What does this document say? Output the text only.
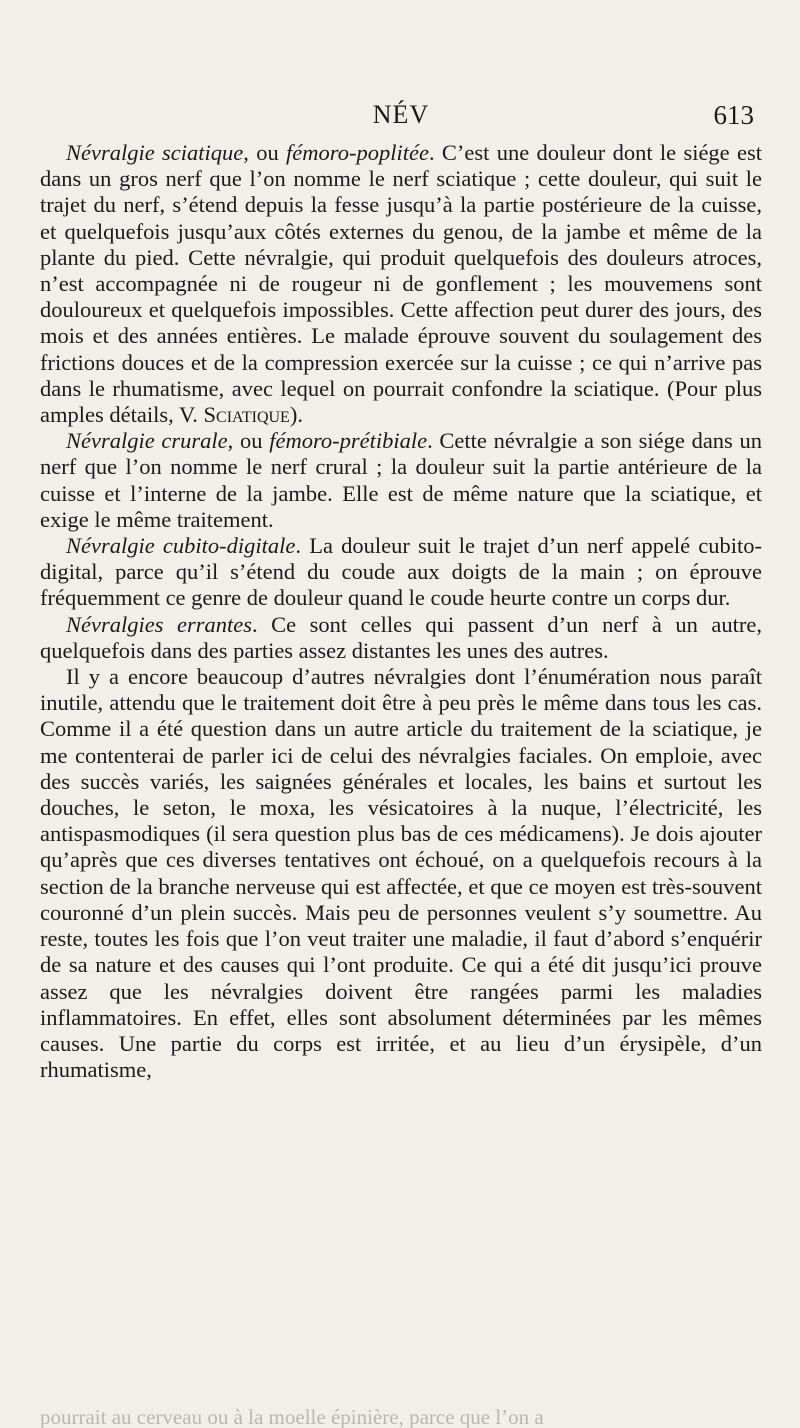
NÉV	613

Névralgie sciatique, ou fémoro-poplitée. C’est une douleur dont le siége est dans un gros nerf que l’on nomme le nerf sciatique ; cette douleur, qui suit le trajet du nerf, s’étend depuis la fesse jusqu’à la partie postérieure de la cuisse, et quelquefois jusqu’aux côtés externes du genou, de la jambe et même de la plante du pied. Cette névralgie, qui produit quelquefois des douleurs atroces, n’est accompagnée ni de rougeur ni de gonflement ; les mouvemens sont douloureux et quelquefois impossibles. Cette affection peut durer des jours, des mois et des années entières. Le malade éprouve souvent du soulagement des frictions douces et de la compression exercée sur la cuisse ; ce qui n’arrive pas dans le rhumatisme, avec lequel on pourrait confondre la sciatique. (Pour plus amples détails, V. Sciatique).

Névralgie crurale, ou fémoro-prétibiale. Cette névralgie a son siége dans un nerf que l’on nomme le nerf crural ; la douleur suit la partie antérieure de la cuisse et l’interne de la jambe. Elle est de même nature que la sciatique, et exige le même traitement.

Névralgie cubito-digitale. La douleur suit le trajet d’un nerf appelé cubito-digital, parce qu’il s’étend du coude aux doigts de la main ; on éprouve fréquemment ce genre de douleur quand le coude heurte contre un corps dur.

Névralgies errantes. Ce sont celles qui passent d’un nerf à un autre, quelquefois dans des parties assez distantes les unes des autres.

Il y a encore beaucoup d’autres névralgies dont l’énumération nous paraît inutile, attendu que le traitement doit être à peu près le même dans tous les cas. Comme il a été question dans un autre article du traitement de la sciatique, je me contenterai de parler ici de celui des névralgies faciales. On emploie, avec des succès variés, les saignées générales et locales, les bains et surtout les douches, le seton, le moxa, les vésicatoires à la nuque, l’électricité, les antispasmodiques (il sera question plus bas de ces médicamens). Je dois ajouter qu’après que ces diverses tentatives ont échoué, on a quelquefois recours à la section de la branche nerveuse qui est affectée, et que ce moyen est très-souvent couronné d’un plein succès. Mais peu de personnes veulent s’y soumettre. Au reste, toutes les fois que l’on veut traiter une maladie, il faut d’abord s’enquérir de sa nature et des causes qui l’ont produite. Ce qui a été dit jusqu’ici prouve assez que les névralgies doivent être rangées parmi les maladies inflammatoires. En effet, elles sont absolument déterminées par les mêmes causes. Une partie du corps est irritée, et au lieu d’un érysipèle, d’un rhumatisme,

pourrait au cerveau ou à la moelle épinière, parce que l’on a
